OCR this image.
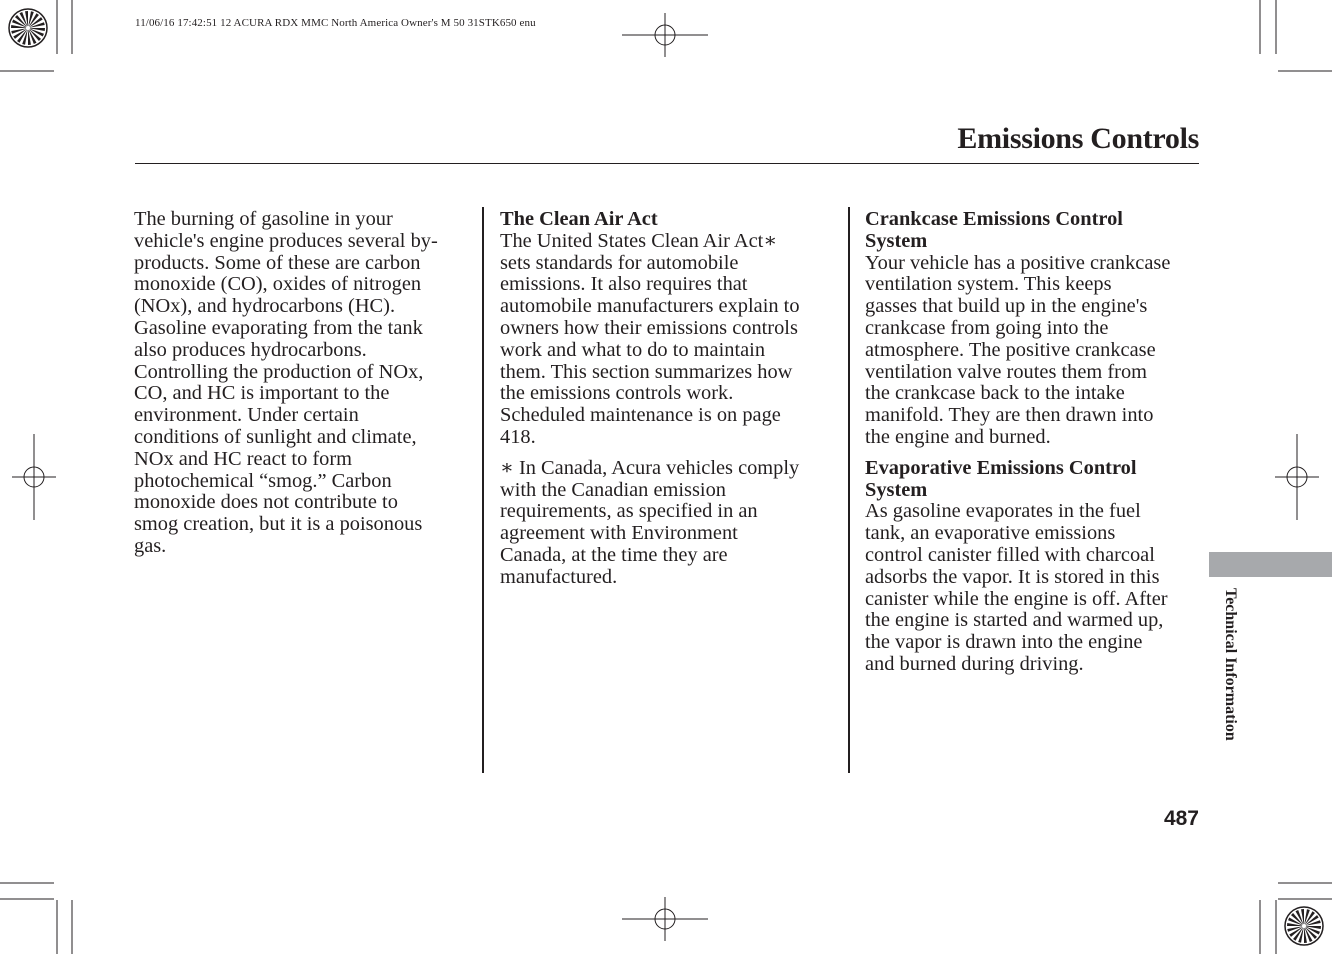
11/06/16 17:42:51 12 ACURA RDX MMC North America Owner's M 50 31STK650 enu
Emissions Controls

The burning of gasoline in your
vehicle's engine produces several by-
products. Some of these are carbon
monoxide (CO), oxides of nitrogen
(NOx), and hydrocarbons (HC).
Gasoline evaporating from the tank
also produces hydrocarbons.
Controlling the production of NOx,
CO, and HC is important to the
environment. Under certain
conditions of sunlight and climate,
NOx and HC react to form
photochemical “smog.” Carbon
monoxide does not contribute to
smog creation, but it is a poisonous
gas.

The Clean Air Act

The United States Clean Air Act∗
sets standards for automobile
emissions. It also requires that
automobile manufacturers explain to
owners how their emissions controls
work and what to do to maintain
them. This section summarizes how
the emissions controls work.
Scheduled maintenance is on page
418.

∗ In Canada, Acura vehicles comply
with the Canadian emission
requirements, as specified in an
agreement with Environment
Canada, at the time they are
manufactured.

Crankcase Emissions Control
System

Your vehicle has a positive crankcase
ventilation system. This keeps
gasses that build up in the engine's
crankcase from going into the
atmosphere. The positive crankcase
ventilation valve routes them from
the crankcase back to the intake
manifold. They are then drawn into
the engine and burned.

Evaporative Emissions Control
System

As gasoline evaporates in the fuel
tank, an evaporative emissions
control canister filled with charcoal
adsorbs the vapor. It is stored in this
canister while the engine is off. After
the engine is started and warmed up,
the vapor is drawn into the engine
and burned during driving.	Technical Information
487
